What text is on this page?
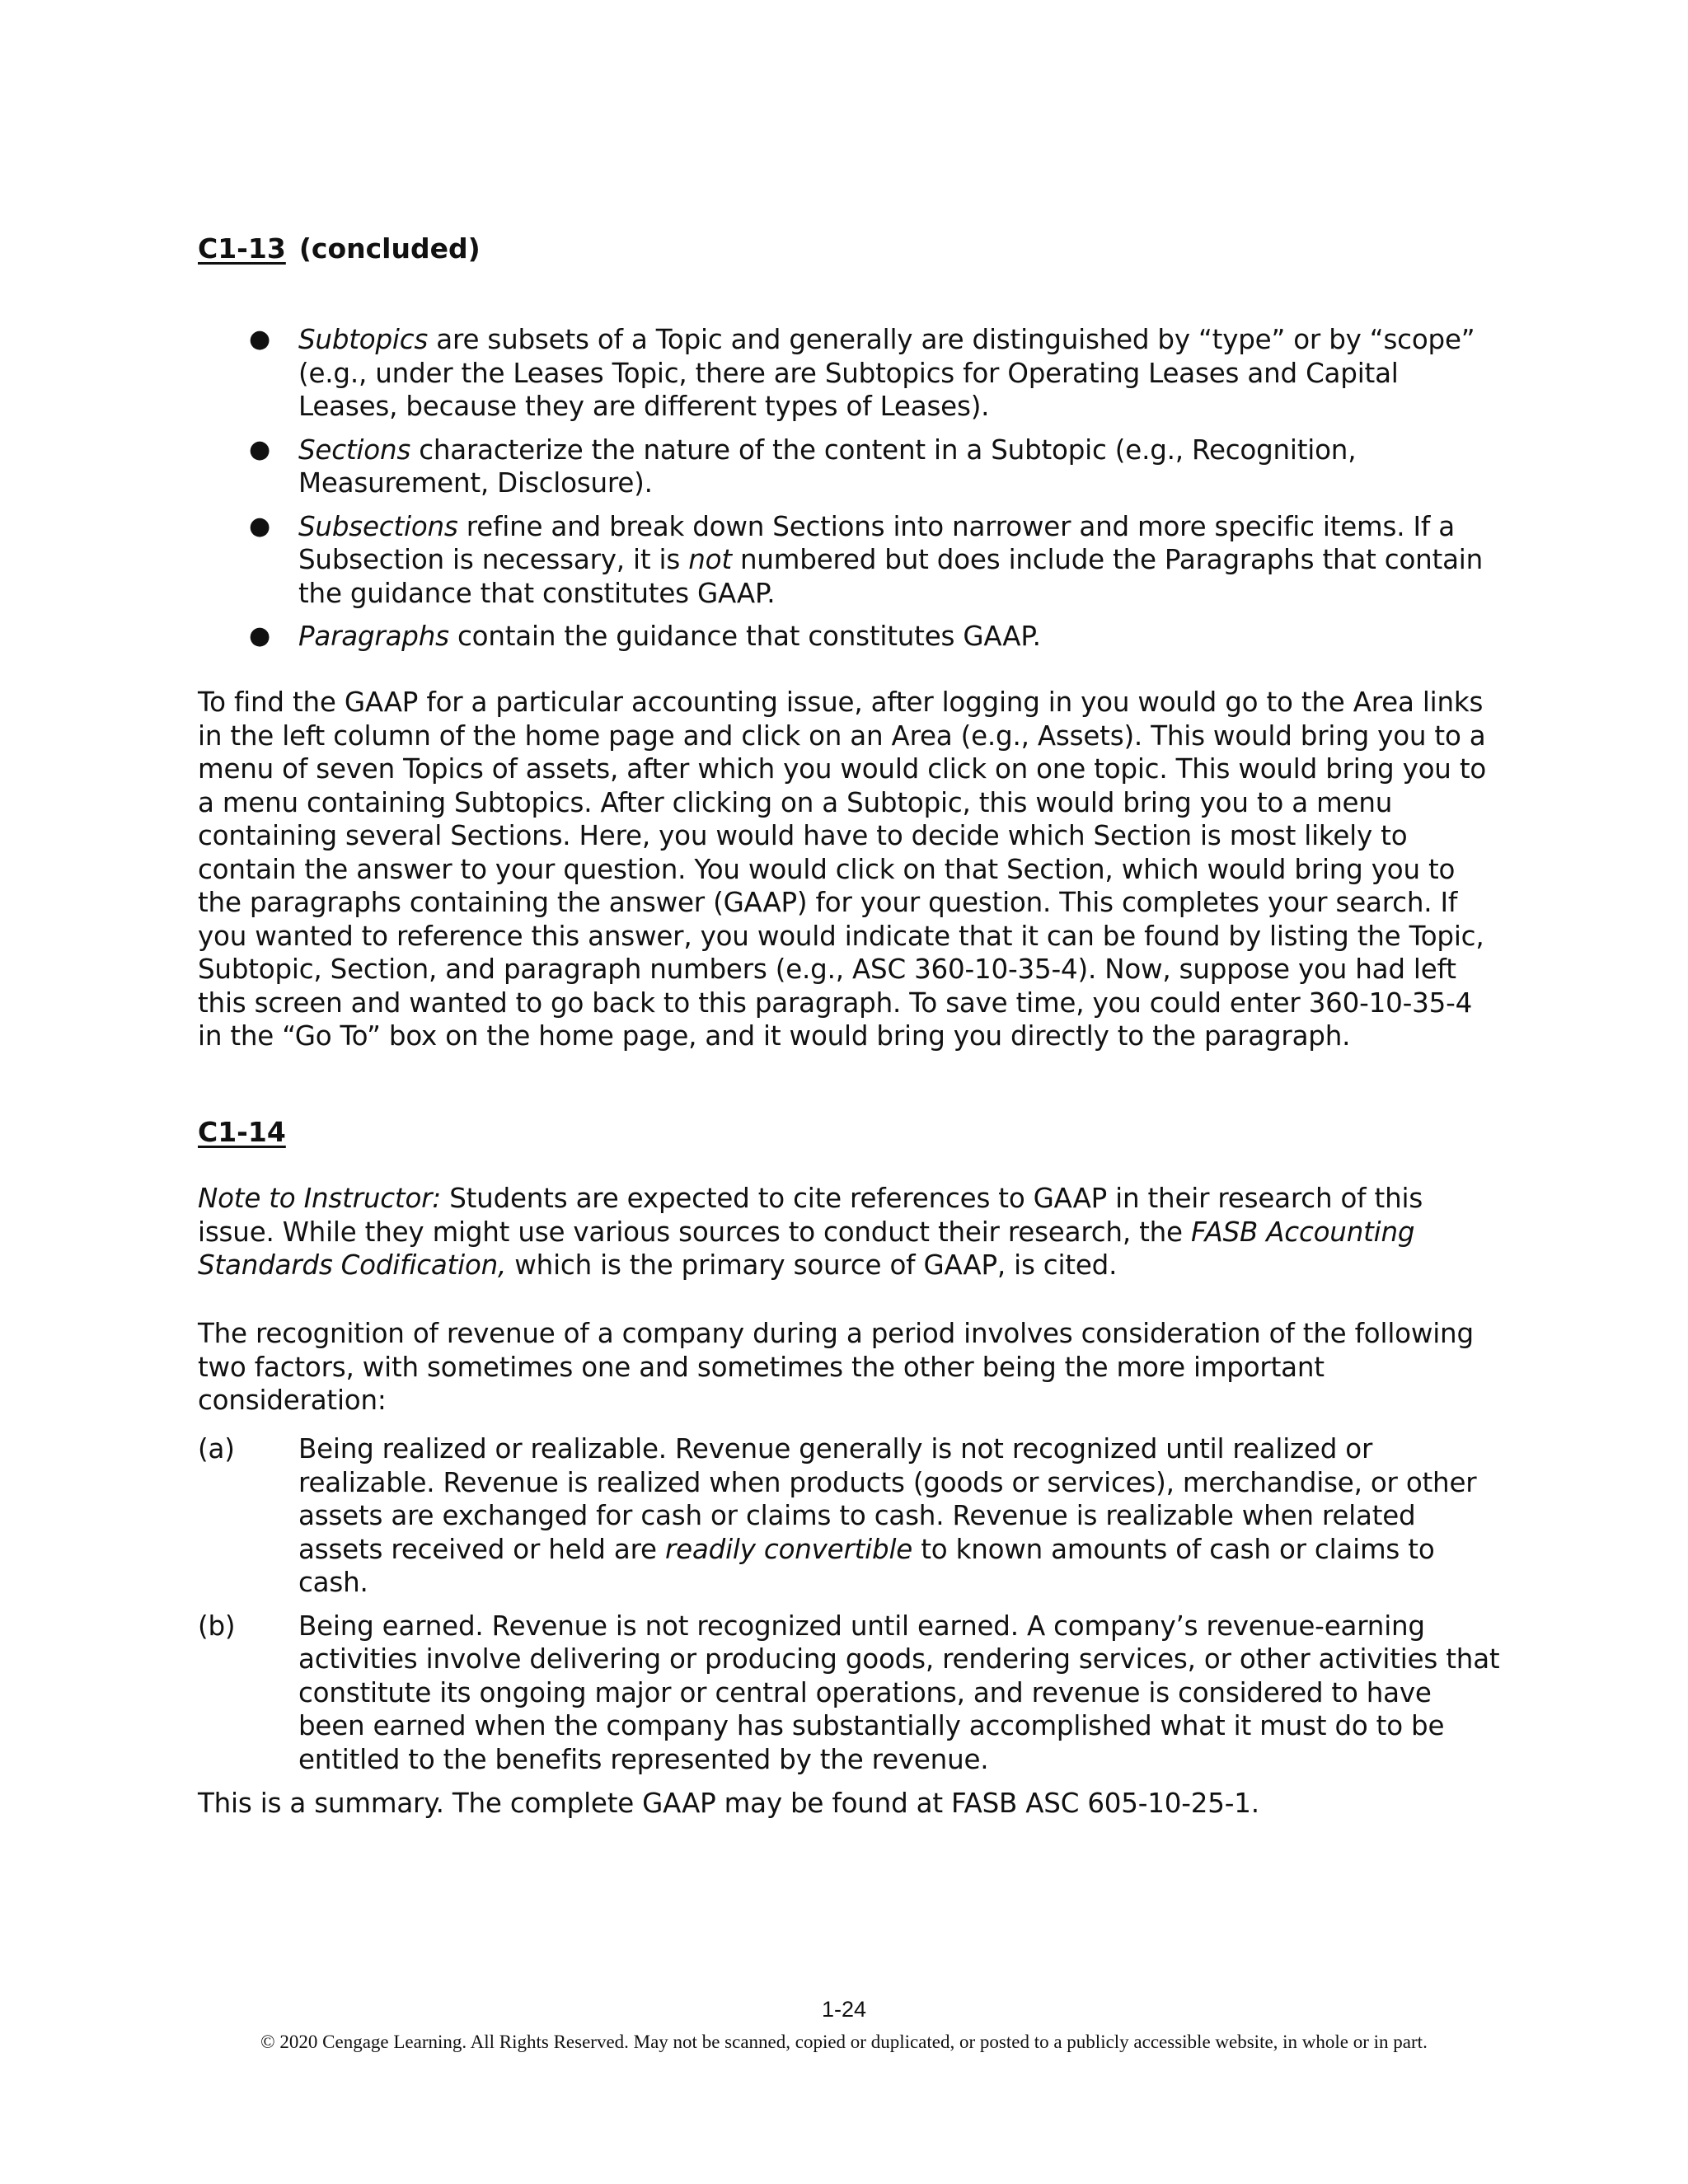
C1-13 (concluded)
● Subtopics are subsets of a Topic and generally are distinguished by “type” or by “scope” (e.g., under the Leases Topic, there are Subtopics for Operating Leases and Capital Leases, because they are different types of Leases).
● Sections characterize the nature of the content in a Subtopic (e.g., Recognition, Measurement, Disclosure).
● Subsections refine and break down Sections into narrower and more specific items. If a Subsection is necessary, it is not numbered but does include the Paragraphs that contain the guidance that constitutes GAAP.
● Paragraphs contain the guidance that constitutes GAAP.

To find the GAAP for a particular accounting issue, after logging in you would go to the Area links in the left column of the home page and click on an Area (e.g., Assets). This would bring you to a menu of seven Topics of assets, after which you would click on one topic. This would bring you to a menu containing Subtopics. After clicking on a Subtopic, this would bring you to a menu containing several Sections. Here, you would have to decide which Section is most likely to contain the answer to your question. You would click on that Section, which would bring you to the paragraphs containing the answer (GAAP) for your question. This completes your search. If you wanted to reference this answer, you would indicate that it can be found by listing the Topic, Subtopic, Section, and paragraph numbers (e.g., ASC 360-10-35-4). Now, suppose you had left this screen and wanted to go back to this paragraph. To save time, you could enter 360-10-35-4 in the “Go To” box on the home page, and it would bring you directly to the paragraph.

C1-14

Note to Instructor: Students are expected to cite references to GAAP in their research of this issue. While they might use various sources to conduct their research, the FASB Accounting Standards Codification, which is the primary source of GAAP, is cited.

The recognition of revenue of a company during a period involves consideration of the following two factors, with sometimes one and sometimes the other being the more important consideration:

(a) Being realized or realizable. Revenue generally is not recognized until realized or realizable. Revenue is realized when products (goods or services), merchandise, or other assets are exchanged for cash or claims to cash. Revenue is realizable when related assets received or held are readily convertible to known amounts of cash or claims to cash.
(b) Being earned. Revenue is not recognized until earned. A company’s revenue-earning activities involve delivering or producing goods, rendering services, or other activities that constitute its ongoing major or central operations, and revenue is considered to have been earned when the company has substantially accomplished what it must do to be entitled to the benefits represented by the revenue.

This is a summary. The complete GAAP may be found at FASB ASC 605-10-25-1.

1-24

© 2020 Cengage Learning. All Rights Reserved. May not be scanned, copied or duplicated, or posted to a publicly accessible website, in whole or in part.
